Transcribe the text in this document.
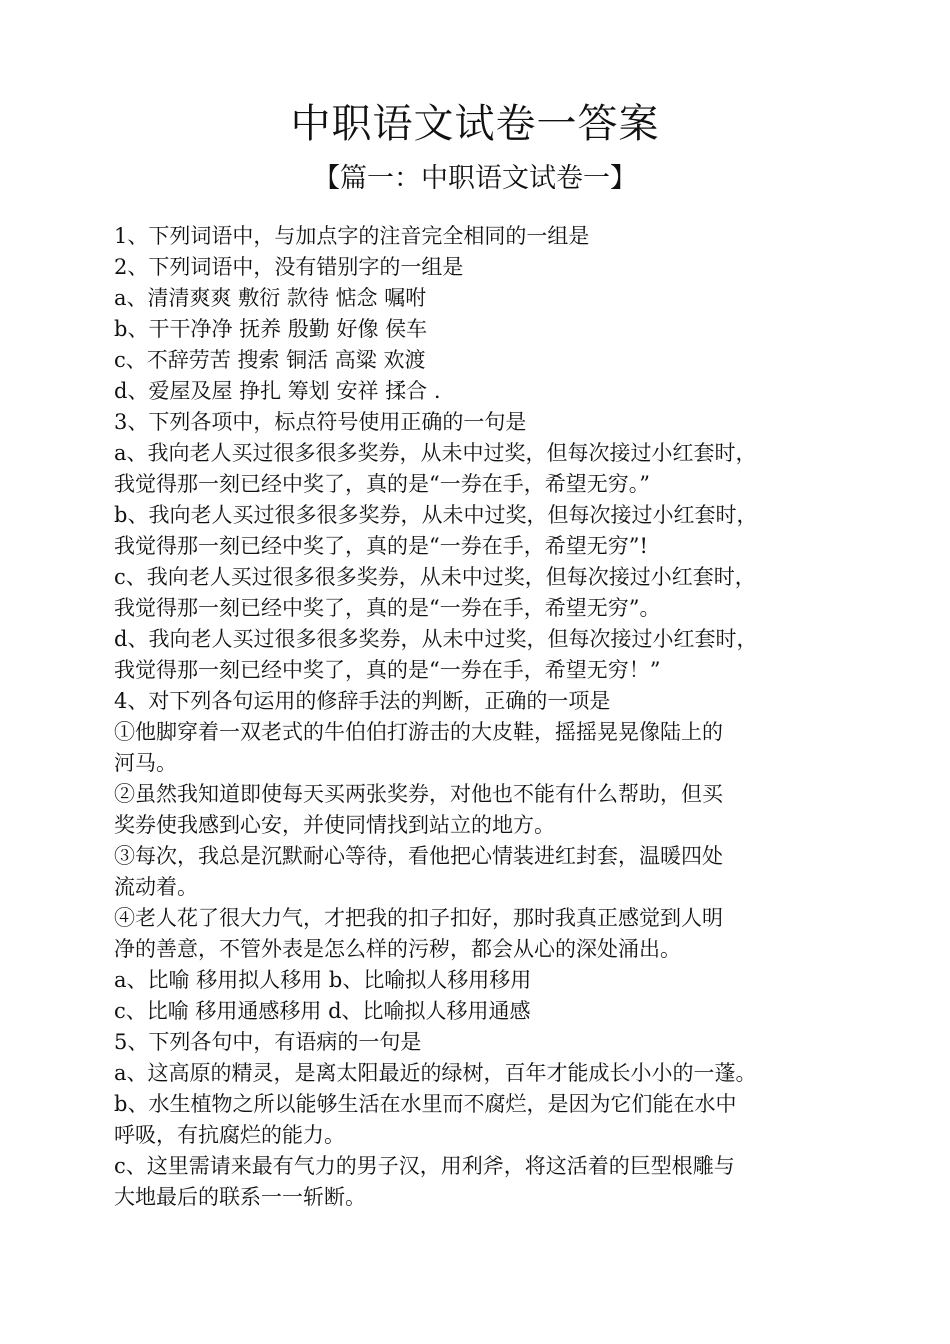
中职语文试卷一答案
【篇一：中职语文试卷一】
1、下列词语中，与加点字的注音完全相同的一组是
2、下列词语中，没有错别字的一组是
a、清清爽爽 敷衍 款待 惦念 嘱咐
b、干干净净 抚养 殷勤 好像 侯车
c、不辞劳苦 搜索 铜活 高粱 欢渡
d、爱屋及屋 挣扎 筹划 安祥 揉合 .
3、下列各项中，标点符号使用正确的一句是
a、我向老人买过很多很多奖券，从未中过奖，但每次接过小红套时，
我觉得那一刻已经中奖了，真的是“一券在手，希望无穷。”
b、我向老人买过很多很多奖券，从未中过奖，但每次接过小红套时，
我觉得那一刻已经中奖了，真的是“一券在手，希望无穷”!
c、我向老人买过很多很多奖券，从未中过奖，但每次接过小红套时，
我觉得那一刻已经中奖了，真的是“一券在手，希望无穷”。
d、我向老人买过很多很多奖券，从未中过奖，但每次接过小红套时，
我觉得那一刻已经中奖了，真的是“一券在手，希望无穷！”
4、对下列各句运用的修辞手法的判断，正确的一项是
①他脚穿着一双老式的牛伯伯打游击的大皮鞋，摇摇晃晃像陆上的
河马。
②虽然我知道即使每天买两张奖券，对他也不能有什么帮助，但买
奖券使我感到心安，并使同情找到站立的地方。
③每次，我总是沉默耐心等待，看他把心情装进红封套，温暖四处
流动着。
④老人花了很大力气，才把我的扣子扣好，那时我真正感觉到人明
净的善意，不管外表是怎么样的污秽，都会从心的深处涌出。
a、比喻 移用拟人移用 b、比喻拟人移用移用
c、比喻 移用通感移用 d、比喻拟人移用通感
5、下列各句中，有语病的一句是
a、这高原的精灵，是离太阳最近的绿树，百年才能成长小小的一蓬。
b、水生植物之所以能够生活在水里而不腐烂，是因为它们能在水中
呼吸，有抗腐烂的能力。
c、这里需请来最有气力的男子汉，用利斧，将这活着的巨型根雕与
大地最后的联系一一斩断。
